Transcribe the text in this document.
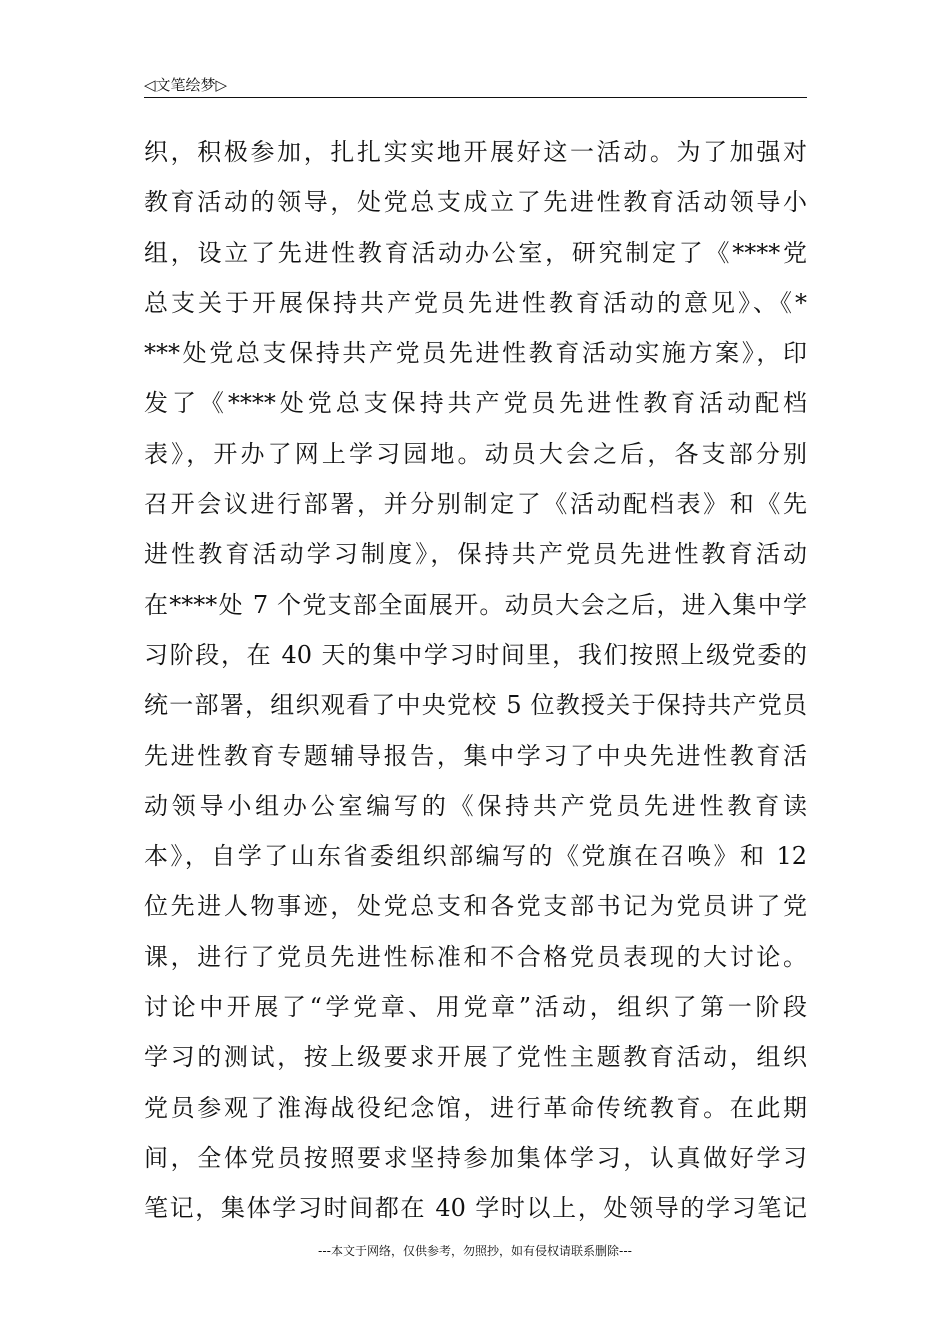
◁文笔绘梦▷
织，积极参加，扎扎实实地开展好这一活动。为了加强对
教育活动的领导，处党总支成立了先进性教育活动领导小
组，设立了先进性教育活动办公室，研究制定了《****党
总支关于开展保持共产党员先进性教育活动的意见》、《*
***处党总支保持共产党员先进性教育活动实施方案》，印
发了《****处党总支保持共产党员先进性教育活动配档
表》，开办了网上学习园地。动员大会之后，各支部分别
召开会议进行部署，并分别制定了《活动配档表》和《先
进性教育活动学习制度》，保持共产党员先进性教育活动
在****处 7 个党支部全面展开。动员大会之后，进入集中学
习阶段，在 40 天的集中学习时间里，我们按照上级党委的
统一部署，组织观看了中央党校 5 位教授关于保持共产党员
先进性教育专题辅导报告，集中学习了中央先进性教育活
动领导小组办公室编写的《保持共产党员先进性教育读
本》，自学了山东省委组织部编写的《党旗在召唤》和 12
位先进人物事迹，处党总支和各党支部书记为党员讲了党
课，进行了党员先进性标准和不合格党员表现的大讨论。
讨论中开展了“学党章、用党章”活动，组织了第一阶段
学习的测试，按上级要求开展了党性主题教育活动，组织
党员参观了淮海战役纪念馆，进行革命传统教育。在此期
间，全体党员按照要求坚持参加集体学习，认真做好学习
笔记，集体学习时间都在 40 学时以上，处领导的学习笔记
---本文于网络，仅供参考，勿照抄，如有侵权请联系删除---
